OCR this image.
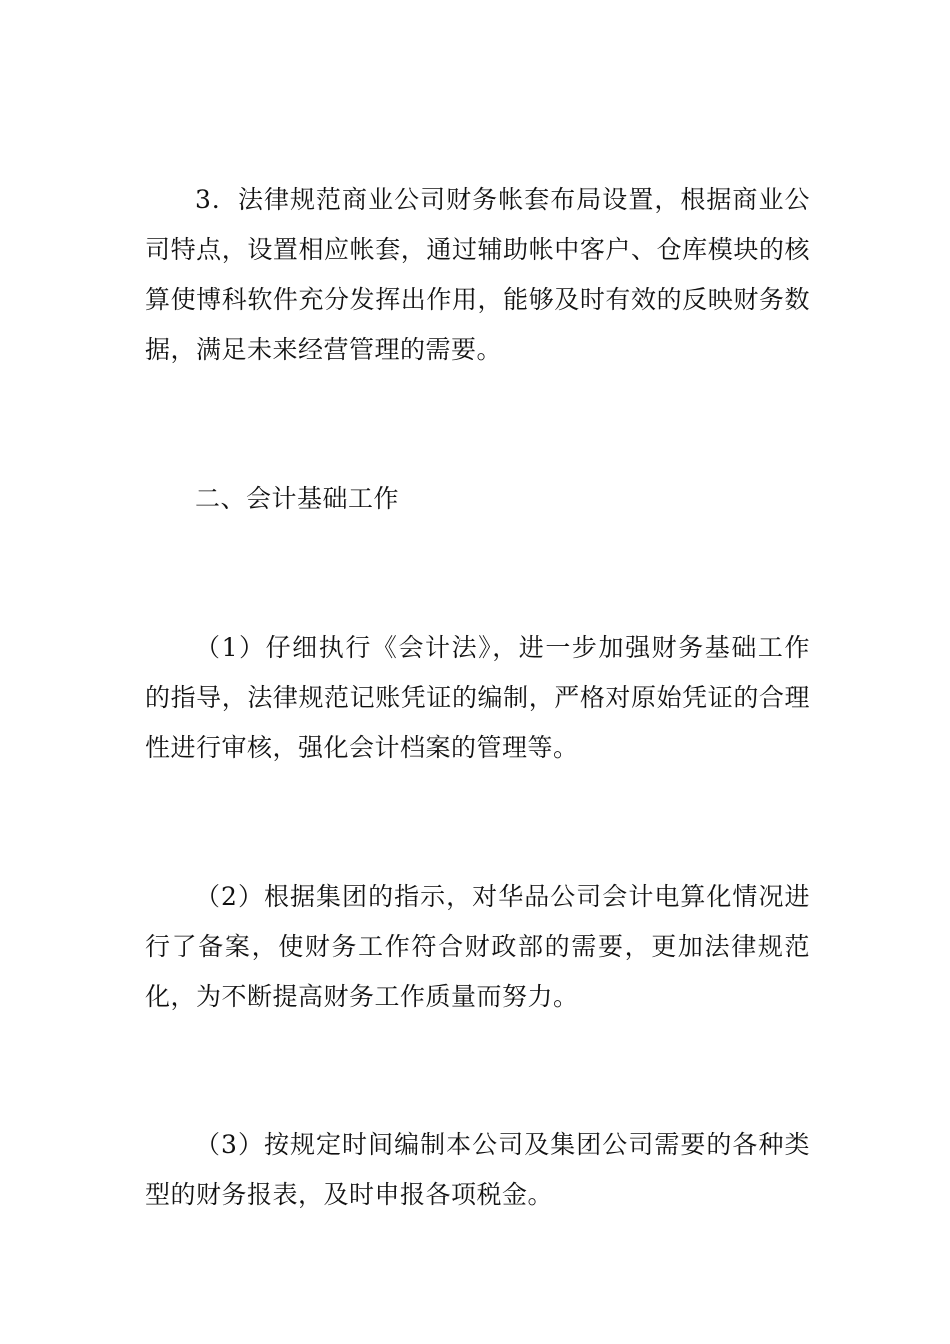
3．法律规范商业公司财务帐套布局设置，根据商业公司特点，设置相应帐套，通过辅助帐中客户、仓库模块的核算使博科软件充分发挥出作用，能够及时有效的反映财务数据，满足未来经营管理的需要。

二、会计基础工作

（1）仔细执行《会计法》，进一步加强财务基础工作的指导，法律规范记账凭证的编制，严格对原始凭证的合理性进行审核，强化会计档案的管理等。

（2）根据集团的指示，对华品公司会计电算化情况进行了备案，使财务工作符合财政部的需要，更加法律规范化，为不断提高财务工作质量而努力。

（3）按规定时间编制本公司及集团公司需要的各种类型的财务报表，及时申报各项税金。
